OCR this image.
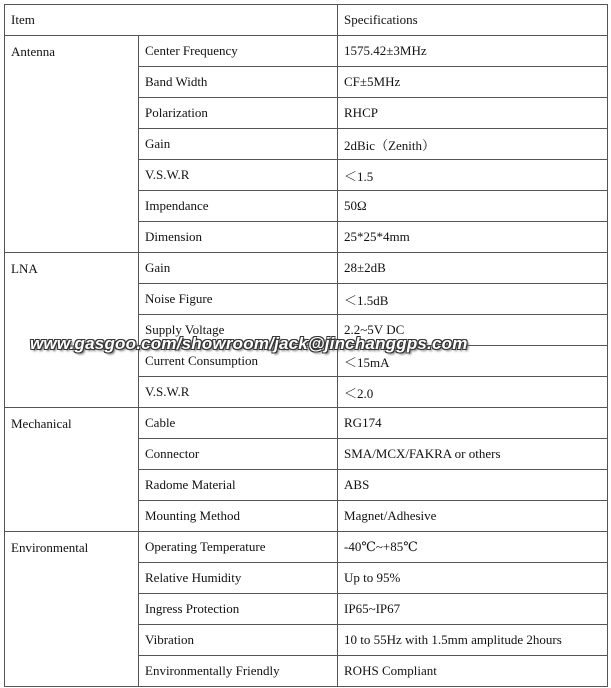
Item		Specifications
Antenna	Center Frequency	1575.42±3MHz
	Band Width	CF±5MHz
	Polarization	RHCP
	Gain	2dBic（Zenith）
	V.S.W.R	＜1.5
	Impendance	50Ω
	Dimension	25*25*4mm
LNA	Gain	28±2dB
	Noise Figure	＜1.5dB
	Supply Voltage	2.2~5V DC
	Current Consumption	＜15mA
	V.S.W.R	＜2.0
Mechanical	Cable	RG174
	Connector	SMA/MCX/FAKRA or others
	Radome Material	ABS
	Mounting Method	Magnet/Adhesive
Environmental	Operating Temperature	-40℃~+85℃
	Relative Humidity	Up to 95%
	Ingress Protection	IP65~IP67
	Vibration	10 to 55Hz with 1.5mm amplitude 2hours
	Environmentally Friendly	ROHS Compliant
www.gasgoo.com/showroom/jack@jinchanggps.com
